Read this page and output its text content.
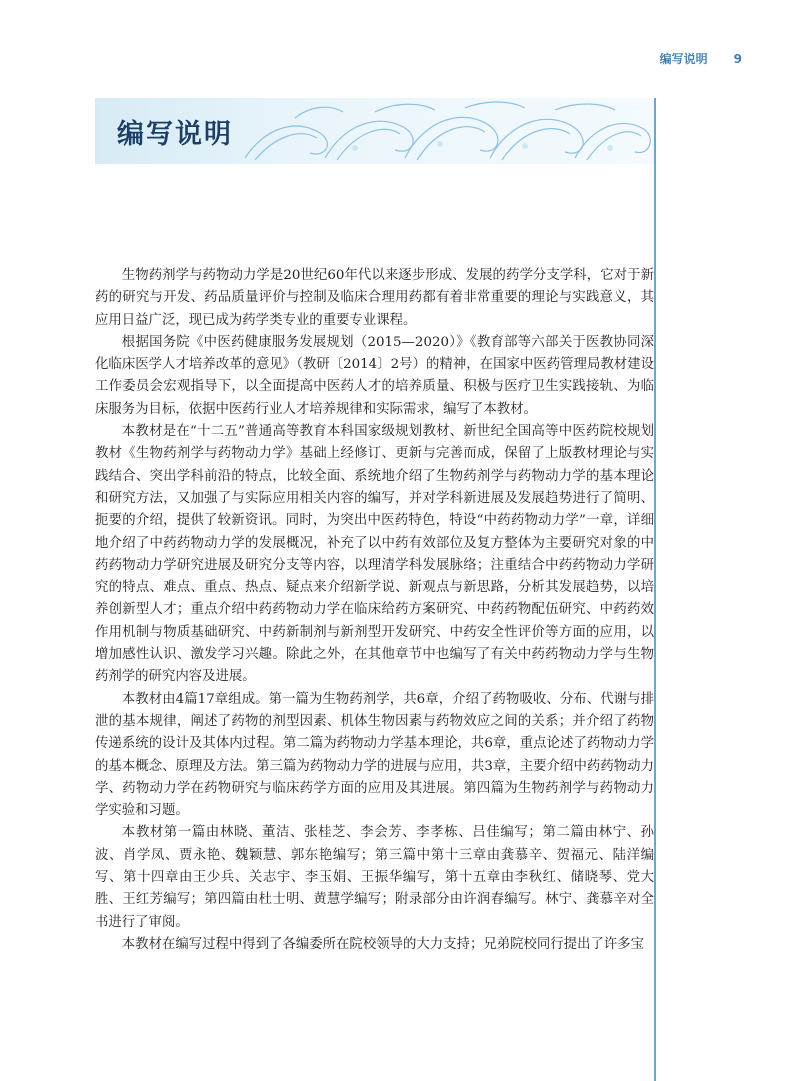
编写说明 9
编写说明

生物药剂学与药物动力学是20世纪60年代以来逐步形成、发展的药学分支学科，它对于新药的研究与开发、药品质量评价与控制及临床合理用药都有着非常重要的理论与实践意义，其应用日益广泛，现已成为药学类专业的重要专业课程。

根据国务院《中医药健康服务发展规划（2015—2020）》《教育部等六部关于医教协同深化临床医学人才培养改革的意见》（教研〔2014〕2号）的精神，在国家中医药管理局教材建设工作委员会宏观指导下，以全面提高中医药人才的培养质量、积极与医疗卫生实践接轨、为临床服务为目标，依据中医药行业人才培养规律和实际需求，编写了本教材。

本教材是在“十二五”普通高等教育本科国家级规划教材、新世纪全国高等中医药院校规划教材《生物药剂学与药物动力学》基础上经修订、更新与完善而成，保留了上版教材理论与实践结合、突出学科前沿的特点，比较全面、系统地介绍了生物药剂学与药物动力学的基本理论和研究方法，又加强了与实际应用相关内容的编写，并对学科新进展及发展趋势进行了简明、扼要的介绍，提供了较新资讯。同时，为突出中医药特色，特设“中药药物动力学”一章，详细地介绍了中药药物动力学的发展概况，补充了以中药有效部位及复方整体为主要研究对象的中药药物动力学研究进展及研究分支等内容，以理清学科发展脉络；注重结合中药药物动力学研究的特点、难点、重点、热点、疑点来介绍新学说、新观点与新思路，分析其发展趋势，以培养创新型人才；重点介绍中药药物动力学在临床给药方案研究、中药药物配伍研究、中药药效作用机制与物质基础研究、中药新制剂与新剂型开发研究、中药安全性评价等方面的应用，以增加感性认识、激发学习兴趣。除此之外，在其他章节中也编写了有关中药药物动力学与生物药剂学的研究内容及进展。

本教材由4篇17章组成。第一篇为生物药剂学，共6章，介绍了药物吸收、分布、代谢与排泄的基本规律，阐述了药物的剂型因素、机体生物因素与药物效应之间的关系；并介绍了药物传递系统的设计及其体内过程。第二篇为药物动力学基本理论，共6章，重点论述了药物动力学的基本概念、原理及方法。第三篇为药物动力学的进展与应用，共3章，主要介绍中药药物动力学、药物动力学在药物研究与临床药学方面的应用及其进展。第四篇为生物药剂学与药物动力学实验和习题。

本教材第一篇由林晓、董洁、张桂芝、李会芳、李孝栋、吕佳编写；第二篇由林宁、孙波、肖学凤、贾永艳、魏颖慧、郭东艳编写；第三篇中第十三章由龚慕辛、贺福元、陆洋编写、第十四章由王少兵、关志宇、李玉娟、王振华编写，第十五章由李秋红、储晓琴、党大胜、王红芳编写；第四篇由杜士明、黄慧学编写；附录部分由许润春编写。林宁、龚慕辛对全书进行了审阅。

本教材在编写过程中得到了各编委所在院校领导的大力支持；兄弟院校同行提出了许多宝
